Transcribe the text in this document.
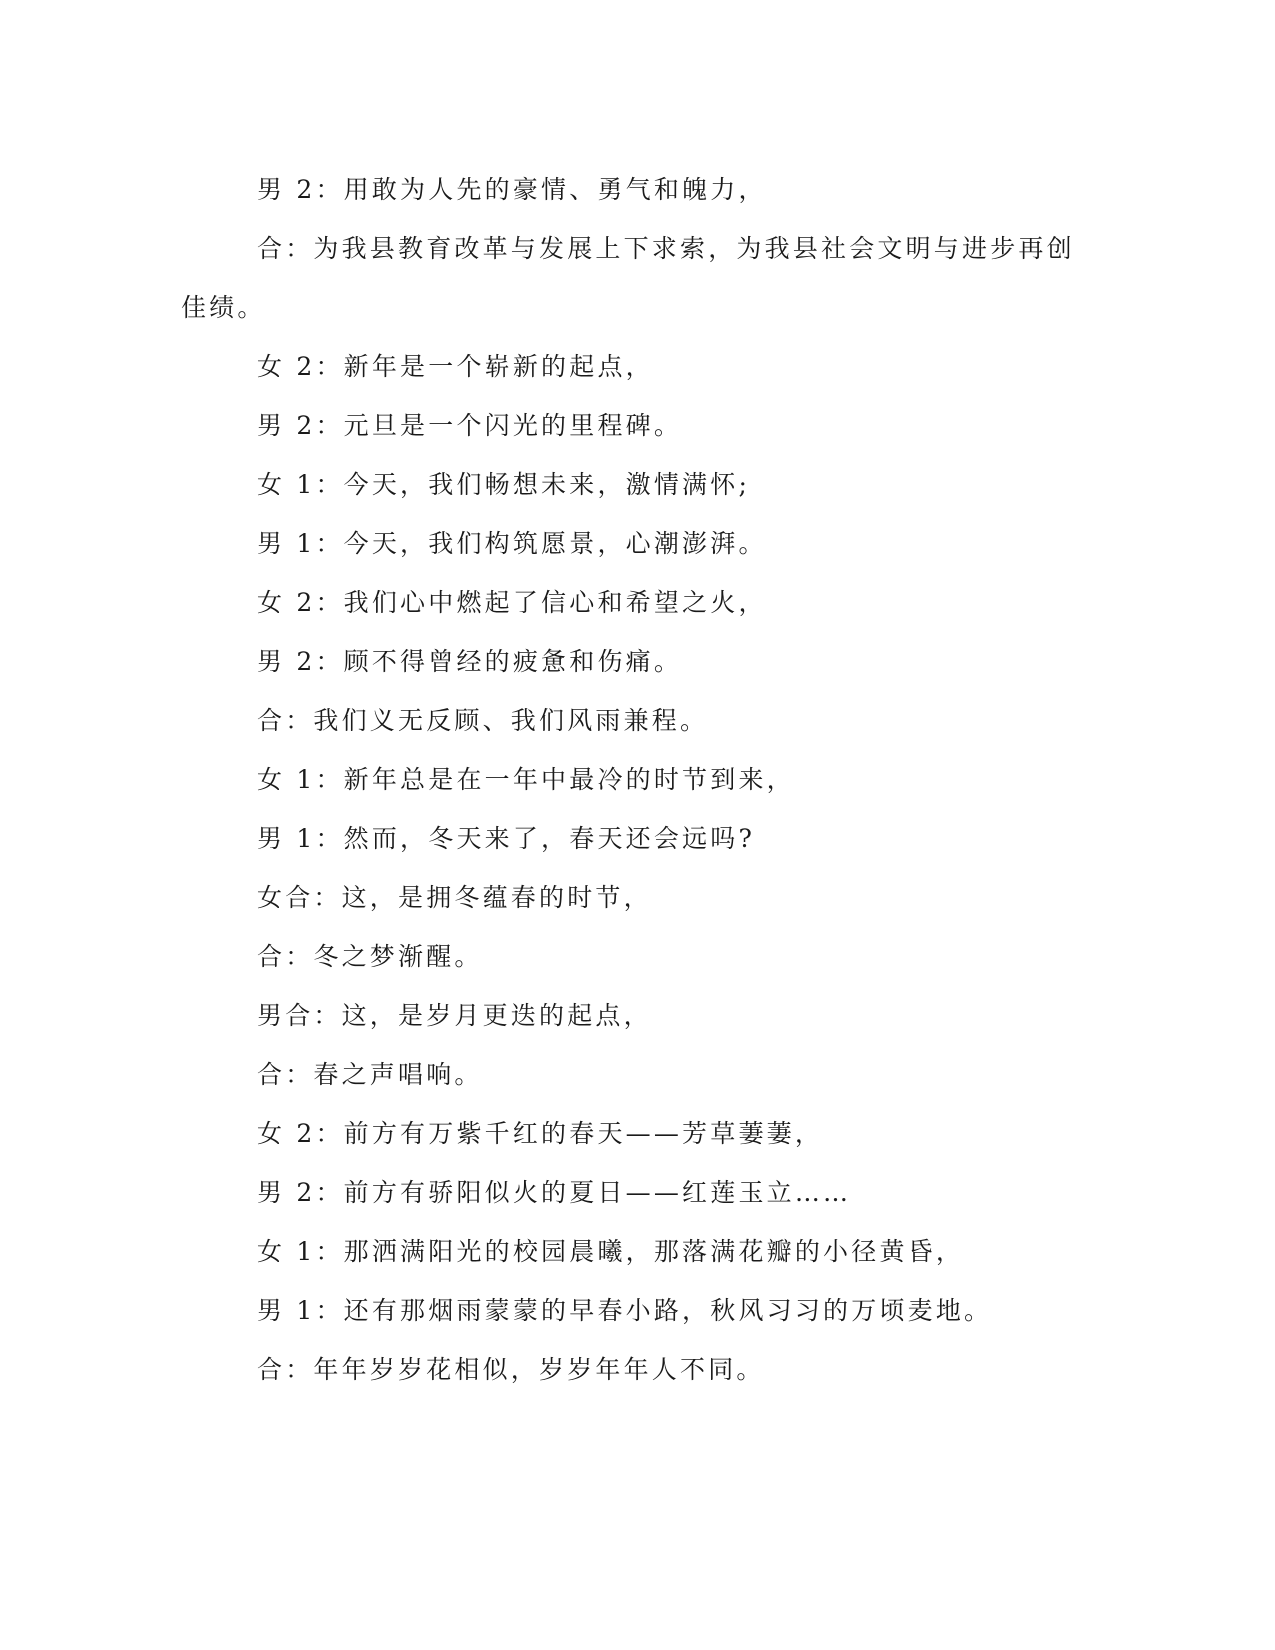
男 2：用敢为人先的豪情、勇气和魄力，

合：为我县教育改革与发展上下求索，为我县社会文明与进步再创佳绩。

女 2：新年是一个崭新的起点，

男 2：元旦是一个闪光的里程碑。

女 1：今天，我们畅想未来，激情满怀;

男 1：今天，我们构筑愿景，心潮澎湃。

女 2：我们心中燃起了信心和希望之火，

男 2：顾不得曾经的疲惫和伤痛。

合：我们义无反顾、我们风雨兼程。

女 1：新年总是在一年中最冷的时节到来，

男 1：然而，冬天来了，春天还会远吗?

女合：这，是拥冬蕴春的时节，

合：冬之梦渐醒。

男合：这，是岁月更迭的起点，

合：春之声唱响。

女 2：前方有万紫千红的春天——芳草萋萋，

男 2：前方有骄阳似火的夏日——红莲玉立……

女 1：那洒满阳光的校园晨曦，那落满花瓣的小径黄昏，

男 1：还有那烟雨蒙蒙的早春小路，秋风习习的万顷麦地。

合：年年岁岁花相似，岁岁年年人不同。
